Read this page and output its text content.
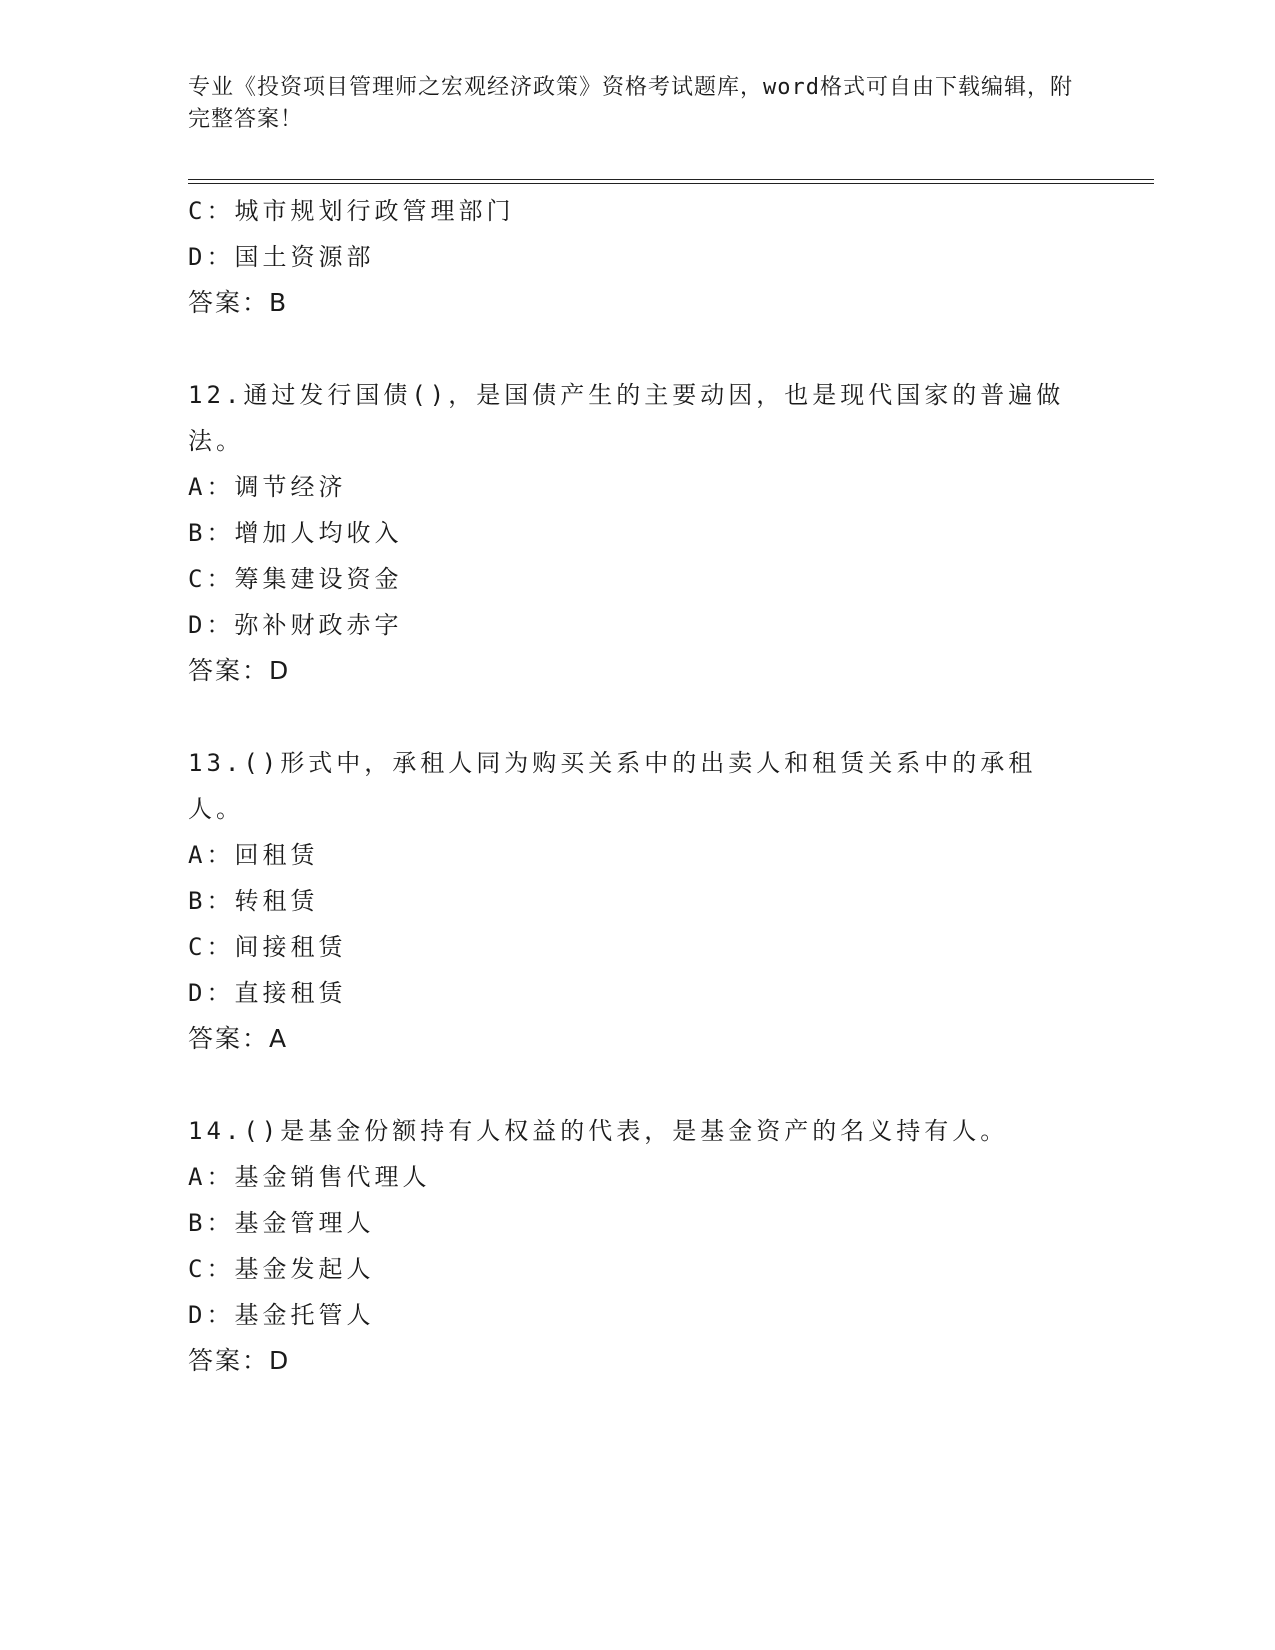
专业《投资项目管理师之宏观经济政策》资格考试题库，word格式可自由下载编辑，附完整答案！
C：城市规划行政管理部门
D：国土资源部
答案：B
12.通过发行国债()，是国债产生的主要动因，也是现代国家的普遍做法。
A：调节经济
B：增加人均收入
C：筹集建设资金
D：弥补财政赤字
答案：D
13.()形式中，承租人同为购买关系中的出卖人和租赁关系中的承租人。
A：回租赁
B：转租赁
C：间接租赁
D：直接租赁
答案：A
14.()是基金份额持有人权益的代表，是基金资产的名义持有人。
A：基金销售代理人
B：基金管理人
C：基金发起人
D：基金托管人
答案：D
